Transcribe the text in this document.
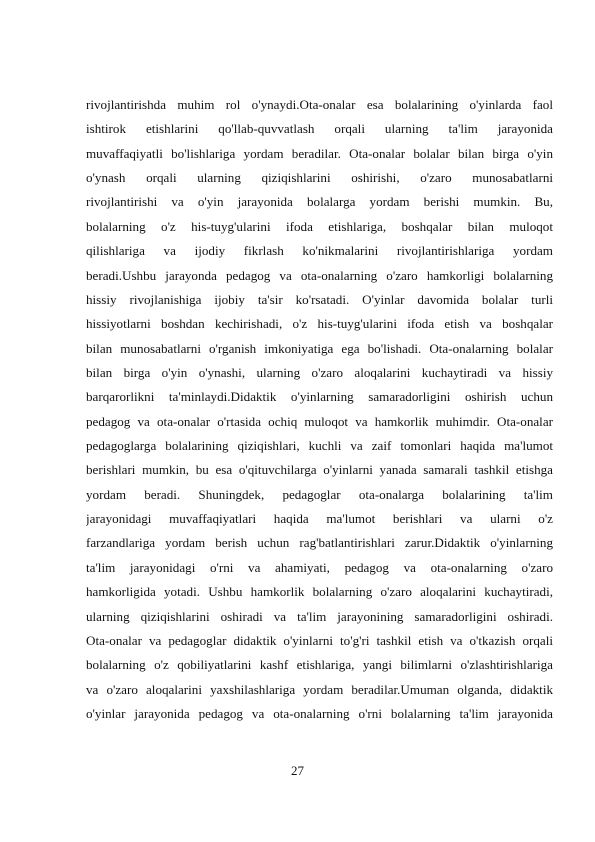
rivojlantirishda muhim rol o'ynaydi.Ota-onalar esa bolalarining o'yinlarda faol
ishtirok etishlarini qo'llab-quvvatlash orqali ularning ta'lim jarayonida
muvaffaqiyatli bo'lishlariga yordam beradilar. Ota-onalar bolalar bilan birga o'yin
o'ynash orqali ularning qiziqishlarini oshirishi, o'zaro munosabatlarni
rivojlantirishi va o'yin jarayonida bolalarga yordam berishi mumkin. Bu,
bolalarning o'z his-tuyg'ularini ifoda etishlariga, boshqalar bilan muloqot
qilishlariga va ijodiy fikrlash ko'nikmalarini rivojlantirishlariga yordam
beradi.Ushbu jarayonda pedagog va ota-onalarning o'zaro hamkorligi bolalarning
hissiy rivojlanishiga ijobiy ta'sir ko'rsatadi. O'yinlar davomida bolalar turli
hissiyotlarni boshdan kechirishadi, o'z his-tuyg'ularini ifoda etish va boshqalar
bilan munosabatlarni o'rganish imkoniyatiga ega bo'lishadi. Ota-onalarning bolalar
bilan birga o'yin o'ynashi, ularning o'zaro aloqalarini kuchaytiradi va hissiy
barqarorlikni ta'minlaydi.Didaktik o'yinlarning samaradorligini oshirish uchun
pedagog va ota-onalar o'rtasida ochiq muloqot va hamkorlik muhimdir. Ota-onalar
pedagoglarga bolalarining qiziqishlari, kuchli va zaif tomonlari haqida ma'lumot
berishlari mumkin, bu esa o'qituvchilarga o'yinlarni yanada samarali tashkil etishga
yordam beradi. Shuningdek, pedagoglar ota-onalarga bolalarining ta'lim
jarayonidagi muvaffaqiyatlari haqida ma'lumot berishlari va ularni o'z
farzandlariga yordam berish uchun rag'batlantirishlari zarur.Didaktik o'yinlarning
ta'lim jarayonidagi o'rni va ahamiyati, pedagog va ota-onalarning o'zaro
hamkorligida yotadi. Ushbu hamkorlik bolalarning o'zaro aloqalarini kuchaytiradi,
ularning qiziqishlarini oshiradi va ta'lim jarayonining samaradorligini oshiradi.
Ota-onalar va pedagoglar didaktik o'yinlarni to'g'ri tashkil etish va o'tkazish orqali
bolalarning o'z qobiliyatlarini kashf etishlariga, yangi bilimlarni o'zlashtirishlariga
va o'zaro aloqalarini yaxshilashlariga yordam beradilar.Umuman olganda, didaktik
o'yinlar jarayonida pedagog va ota-onalarning o'rni bolalarning ta'lim jarayonida
27
